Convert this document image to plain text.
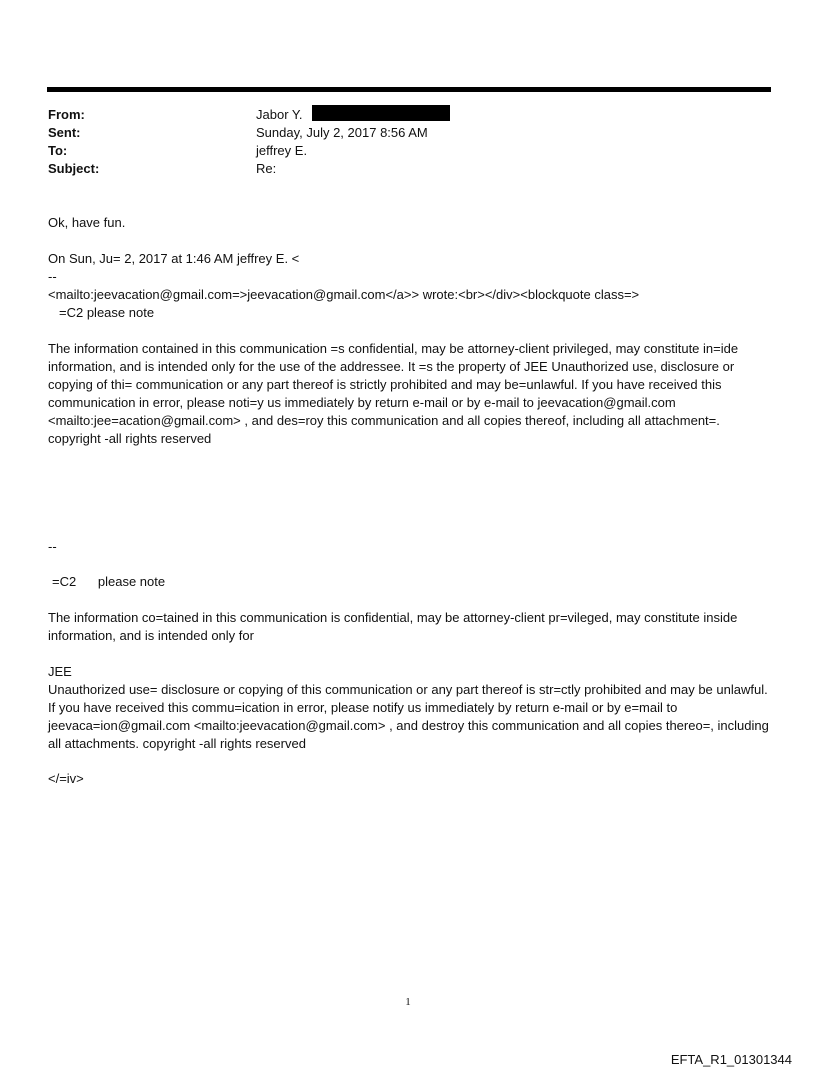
From:	Jabor Y.
Sent:	Sunday, July 2, 2017 8:56 AM
To:	jeffrey E.
Subject:	Re:
Ok, have fun.
On Sun, Ju= 2, 2017 at 1:46 AM jeffrey E. <
--
<mailto:jeevacation@gmail.com=>jeevacation@gmail.com</a>> wrote:<br></div><blockquote class=>
=C2 please note
The information contained in this communication =s confidential, may be attorney-client privileged, may constitute in=ide information, and is intended only for the use of the addressee. It =s the property of JEE Unauthorized use, disclosure or copying of thi= communication or any part thereof is strictly prohibited and may be=unlawful. If you have received this communication in error, please noti=y us immediately by return e-mail or by e-mail to jeevacation@gmail.com <mailto:jee=acation@gmail.com> , and des=roy this communication and all copies thereof, including all attachment=. copyright -all rights reserved
--
=C2      please note
The information co=tained in this communication is confidential, may be attorney-client pr=vileged, may constitute inside information, and is intended only for
JEE
Unauthorized use= disclosure or copying of this communication or any part thereof is str=ctly prohibited and may be unlawful. If you have received this commu=ication in error, please notify us immediately by return e-mail or by e=mail to jeevaca=ion@gmail.com <mailto:jeevacation@gmail.com> , and destroy this communication and all copies thereo=, including all attachments. copyright -all rights reserved
</=iv>
1
EFTA_R1_01301344
